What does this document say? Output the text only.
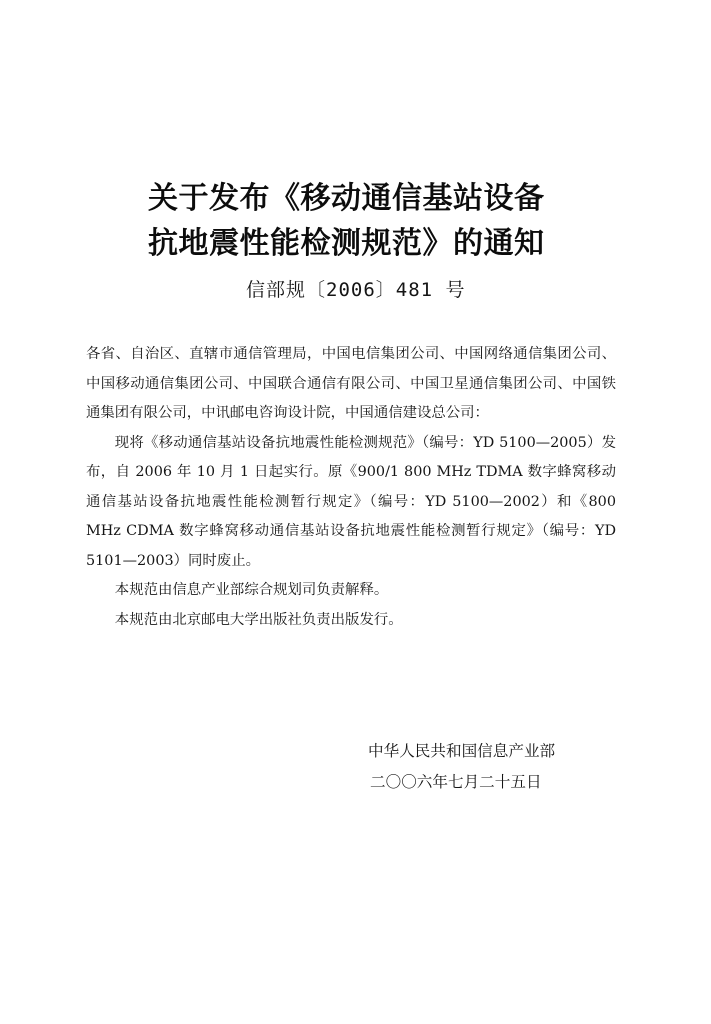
关于发布《移动通信基站设备
抗地震性能检测规范》的通知
信部规〔2006〕481 号

各省、自治区、直辖市通信管理局，中国电信集团公司、中国网络通信集团公司、中国移动通信集团公司、中国联合通信有限公司、中国卫星通信集团公司、中国铁通集团有限公司，中讯邮电咨询设计院，中国通信建设总公司：

现将《移动通信基站设备抗地震性能检测规范》（编号：YD 5100—2005）发布，自 2006 年 10 月 1 日起实行。原《900/1 800 MHz TDMA 数字蜂窝移动通信基站设备抗地震性能检测暂行规定》（编号：YD 5100—2002）和《800 MHz CDMA 数字蜂窝移动通信基站设备抗地震性能检测暂行规定》（编号：YD 5101—2003）同时废止。

本规范由信息产业部综合规划司负责解释。

本规范由北京邮电大学出版社负责出版发行。

中华人民共和国信息产业部
二〇〇六年七月二十五日
